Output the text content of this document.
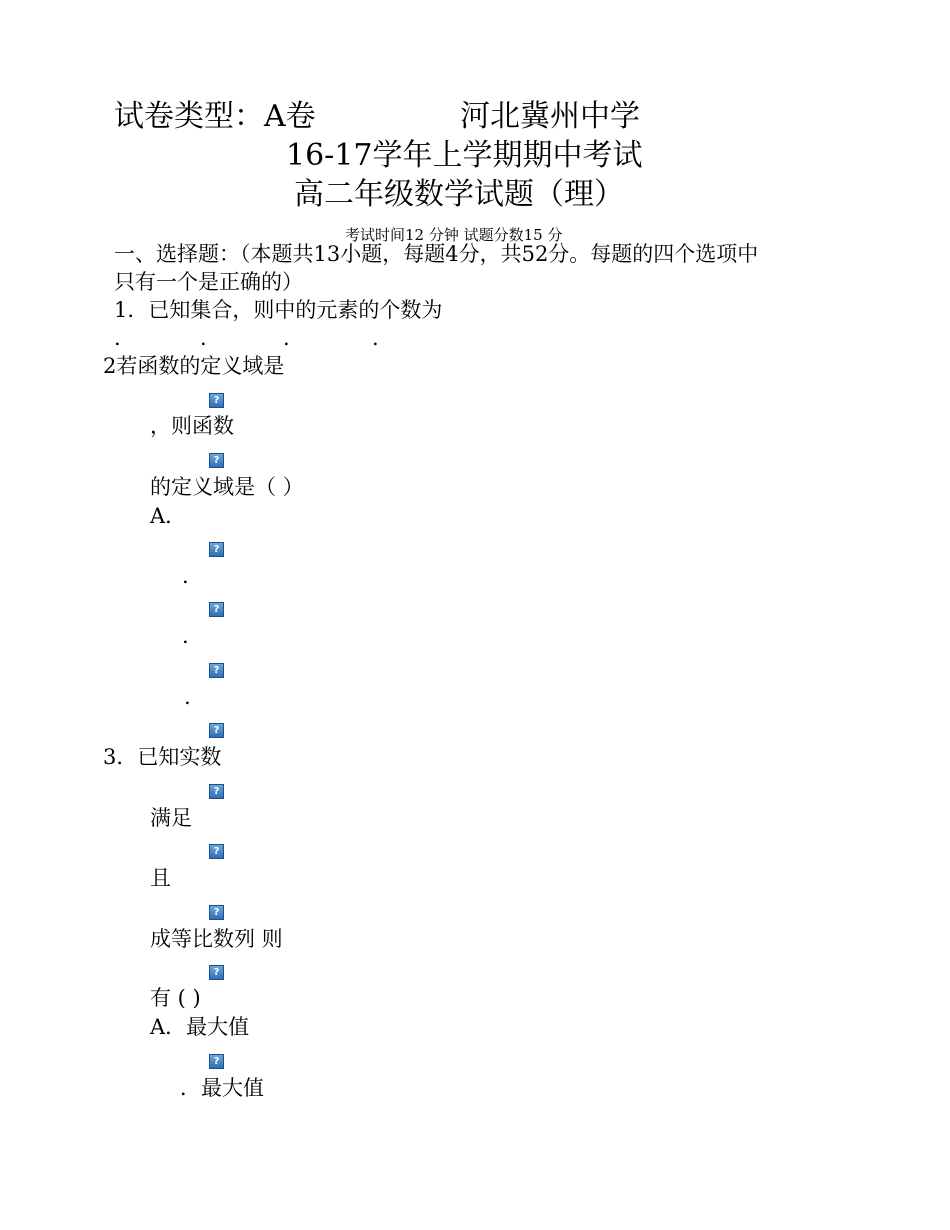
试卷类型：A卷	河北冀州中学
16-17学年上学期期中考试
高二年级数学试题（理）
考试时间12 分钟 试题分数15 分
一、选择题：（本题共13小题，每题4分，共52分。每题的四个选项中
只有一个是正确的）
1．已知集合，则中的元素的个数为
.	.	.	.
2若函数的定义域是
?
，则函数
?
的定义域是（ ）
A．
?
.
?
.
?
.
?
3．已知实数
?
满足
?
且
?
成等比数列 则
?
有 ( )
A．最大值
?
．最大值
